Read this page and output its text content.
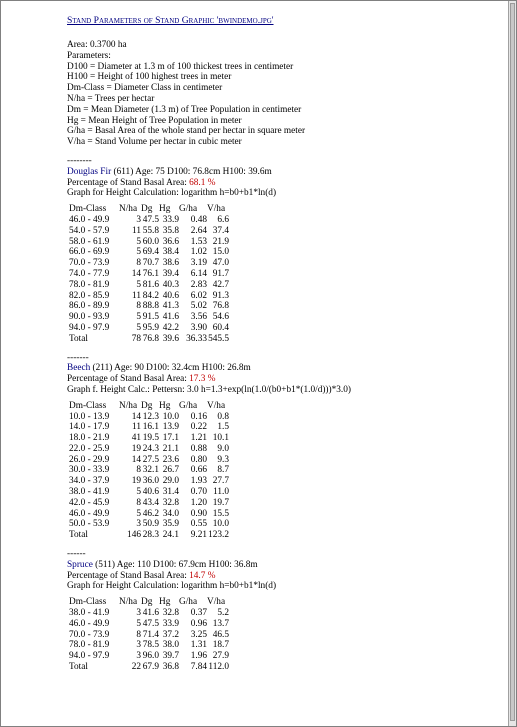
Stand Parameters of Stand Graphic 'bwindemo.jpg'
Area: 0.3700 ha
Parameters:
D100 = Diameter at 1.3 m of 100 thickest trees in centimeter
H100 = Height of 100 highest trees in meter
Dm-Class = Diameter Class in centimeter
N/ha = Trees per hectar
Dm = Mean Diameter (1.3 m) of Tree Population in centimeter
Hg = Mean Height of Tree Population in meter
G/ha = Basal Area of the whole stand per hectar in square meter
V/ha = Stand Volume per hectar in cubic meter
--------
Douglas Fir (611) Age: 75 D100: 76.8cm H100: 39.6m
Percentage of Stand Basal Area: 68.1 %
Graph for Height Calculation: logarithm h=b0+b1*ln(d)
Dm-Class	N/ha	Dg	Hg	G/ha	V/ha
46.0 - 49.9	3	47.5	33.9	0.48	6.6
54.0 - 57.9	11	55.8	35.8	2.64	37.4
58.0 - 61.9	5	60.0	36.6	1.53	21.9
66.0 - 69.9	5	69.4	38.4	1.02	15.0
70.0 - 73.9	8	70.7	38.6	3.19	47.0
74.0 - 77.9	14	76.1	39.4	6.14	91.7
78.0 - 81.9	5	81.6	40.3	2.83	42.7
82.0 - 85.9	11	84.2	40.6	6.02	91.3
86.0 - 89.9	8	88.8	41.3	5.02	76.8
90.0 - 93.9	5	91.5	41.6	3.56	54.6
94.0 - 97.9	5	95.9	42.2	3.90	60.4
Total	78	76.8	39.6	36.33	545.5
-------
Beech (211) Age: 90 D100: 32.4cm H100: 26.8m
Percentage of Stand Basal Area: 17.3 %
Graph f. Height Calc.: Pettersn: 3.0 h=1.3+exp(ln(1.0/(b0+b1*(1.0/d)))*3.0)
Dm-Class	N/ha	Dg	Hg	G/ha	V/ha
10.0 - 13.9	14	12.3	10.0	0.16	0.8
14.0 - 17.9	11	16.1	13.9	0.22	1.5
18.0 - 21.9	41	19.5	17.1	1.21	10.1
22.0 - 25.9	19	24.3	21.1	0.88	9.0
26.0 - 29.9	14	27.5	23.6	0.80	9.3
30.0 - 33.9	8	32.1	26.7	0.66	8.7
34.0 - 37.9	19	36.0	29.0	1.93	27.7
38.0 - 41.9	5	40.6	31.4	0.70	11.0
42.0 - 45.9	8	43.4	32.8	1.20	19.7
46.0 - 49.9	5	46.2	34.0	0.90	15.5
50.0 - 53.9	3	50.9	35.9	0.55	10.0
Total	146	28.3	24.1	9.21	123.2
------
Spruce (511) Age: 110 D100: 67.9cm H100: 36.8m
Percentage of Stand Basal Area: 14.7 %
Graph for Height Calculation: logarithm h=b0+b1*ln(d)
Dm-Class	N/ha	Dg	Hg	G/ha	V/ha
38.0 - 41.9	3	41.6	32.8	0.37	5.2
46.0 - 49.9	5	47.5	33.9	0.96	13.7
70.0 - 73.9	8	71.4	37.2	3.25	46.5
78.0 - 81.9	3	78.5	38.0	1.31	18.7
94.0 - 97.9	3	96.0	39.7	1.96	27.9
Total	22	67.9	36.8	7.84	112.0
